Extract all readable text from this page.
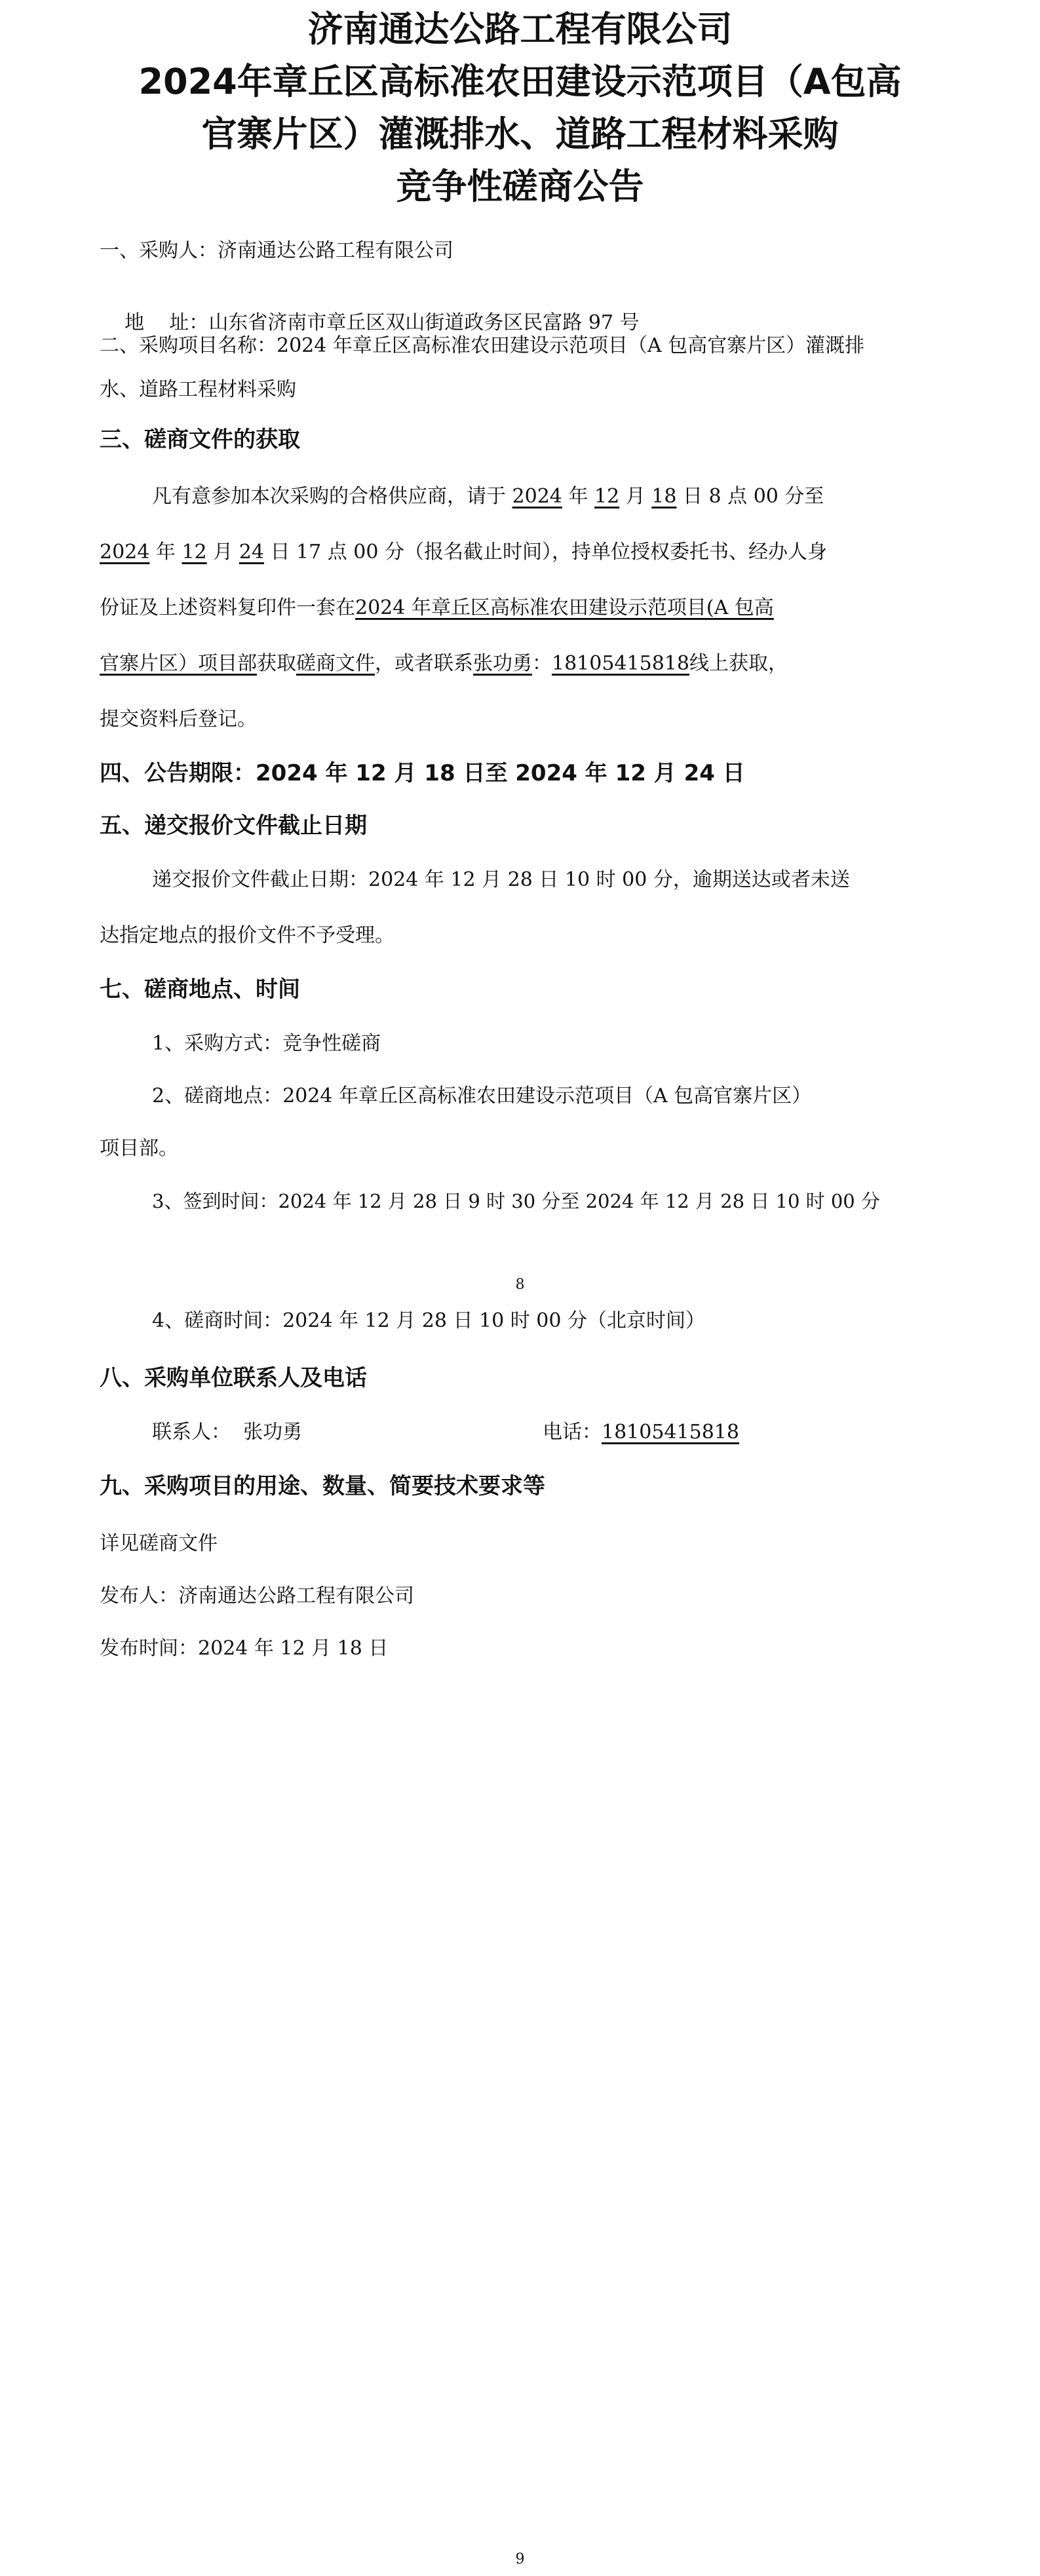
济南通达公路工程有限公司
2024年章丘区高标准农田建设示范项目（A包高
官寨片区）灌溉排水、道路工程材料采购
竞争性磋商公告
一、采购人：济南通达公路工程有限公司

地    址：山东省济南市章丘区双山街道政务区民富路 97 号

二、采购项目名称：2024 年章丘区高标准农田建设示范项目（A 包高官寨片区）灌溉排
水、道路工程材料采购
三、磋商文件的获取
凡有意参加本次采购的合格供应商，请于 2024 年 12 月 18 日 8 点 00 分至
2024 年 12 月 24 日 17 点 00 分（报名截止时间），持单位授权委托书、经办人身
份证及上述资料复印件一套在2024 年章丘区高标准农田建设示范项目(A 包高
官寨片区）项目部获取磋商文件，或者联系张功勇：18105415818线上获取，
提交资料后登记。
四、公告期限：2024 年 12 月 18 日至 2024 年 12 月 24 日
五、递交报价文件截止日期
递交报价文件截止日期：2024 年 12 月 28 日 10 时 00 分，逾期送达或者未送
达指定地点的报价文件不予受理。
七、磋商地点、时间
1、采购方式：竞争性磋商
2、磋商地点：2024 年章丘区高标准农田建设示范项目（A 包高官寨片区）
项目部。
3、签到时间：2024 年 12 月 28 日 9 时 30 分至 2024 年 12 月 28 日 10 时 00 分
8
4、磋商时间：2024 年 12 月 28 日 10 时 00 分（北京时间）
八、采购单位联系人及电话
联系人： 张功勇	电话：18105415818
九、采购项目的用途、数量、简要技术要求等
详见磋商文件
发布人：济南通达公路工程有限公司
发布时间：2024 年 12 月 18 日
9
